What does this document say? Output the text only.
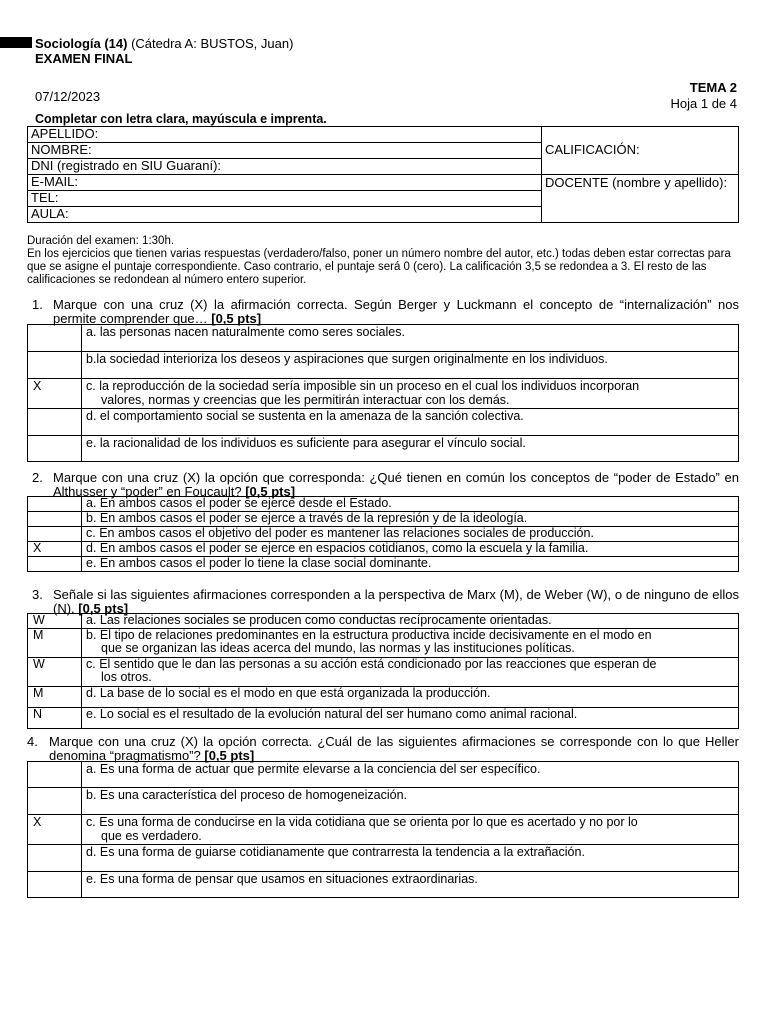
Sociología (14) (Cátedra A: BUSTOS, Juan)
EXAMEN FINAL
07/12/2023
TEMA 2
Hoja 1 de 4
Completar con letra clara, mayúscula e imprenta.
APELLIDO:	CALIFICACIÓN:
NOMBRE:	
DNI (registrado en SIU Guaraní):	
E-MAIL:	DOCENTE (nombre y apellido):
TEL:	
AULA:	
Duración del examen: 1:30h.
En los ejercicios que tienen varias respuestas (verdadero/falso, poner un número nombre del autor, etc.) todas deben estar correctas para que se asigne el puntaje correspondiente. Caso contrario, el puntaje será 0 (cero). La calificación 3,5 se redondea a 3. El resto de las calificaciones se redondean al número entero superior.
1. Marque con una cruz (X) la afirmación correcta. Según Berger y Luckmann el concepto de “internalización” nos permite comprender que… [0,5 pts]
	a. las personas nacen naturalmente como seres sociales.
	b.la sociedad interioriza los deseos y aspiraciones que surgen originalmente en los individuos.
X	c. la reproducción de la sociedad sería imposible sin un proceso en el cual los individuos incorporan
valores, normas y creencias que les permitirán interactuar con los demás.

	d. el comportamiento social se sustenta en la amenaza de la sanción colectiva.
	e. la racionalidad de los individuos es suficiente para asegurar el vínculo social.
2. Marque con una cruz (X) la opción que corresponda: ¿Qué tienen en común los conceptos de “poder de Estado” en Althusser y “poder” en Foucault? [0,5 pts]
	a. En ambos casos el poder se ejerce desde el Estado.
	b. En ambos casos el poder se ejerce a través de la represión y de la ideología.
	c. En ambos casos el objetivo del poder es mantener las relaciones sociales de producción.
X	d. En ambos casos el poder se ejerce en espacios cotidianos, como la escuela y la familia.
	e. En ambos casos el poder lo tiene la clase social dominante.
3. Señale si las siguientes afirmaciones corresponden a la perspectiva de Marx (M), de Weber (W), o de ninguno de ellos (N). [0,5 pts]
W	a. Las relaciones sociales se producen como conductas recíprocamente orientadas.
M	b. El tipo de relaciones predominantes en la estructura productiva incide decisivamente en el modo en
que se organizan las ideas acerca del mundo, las normas y las instituciones políticas.

W	c. El sentido que le dan las personas a su acción está condicionado por las reacciones que esperan de
los otros.

M	d. La base de lo social es el modo en que está organizada la producción.
N	e. Lo social es el resultado de la evolución natural del ser humano como animal racional.
4. Marque con una cruz (X) la opción correcta. ¿Cuál de las siguientes afirmaciones se corresponde con lo que Heller denomina “pragmatismo”? [0,5 pts]
	a. Es una forma de actuar que permite elevarse a la conciencia del ser específico.
	b. Es una característica del proceso de homogeneización.
X	c. Es una forma de conducirse en la vida cotidiana que se orienta por lo que es acertado y no por lo
que es verdadero.

	d. Es una forma de guiarse cotidianamente que contrarresta la tendencia a la extrañación.
	e. Es una forma de pensar que usamos en situaciones extraordinarias.
